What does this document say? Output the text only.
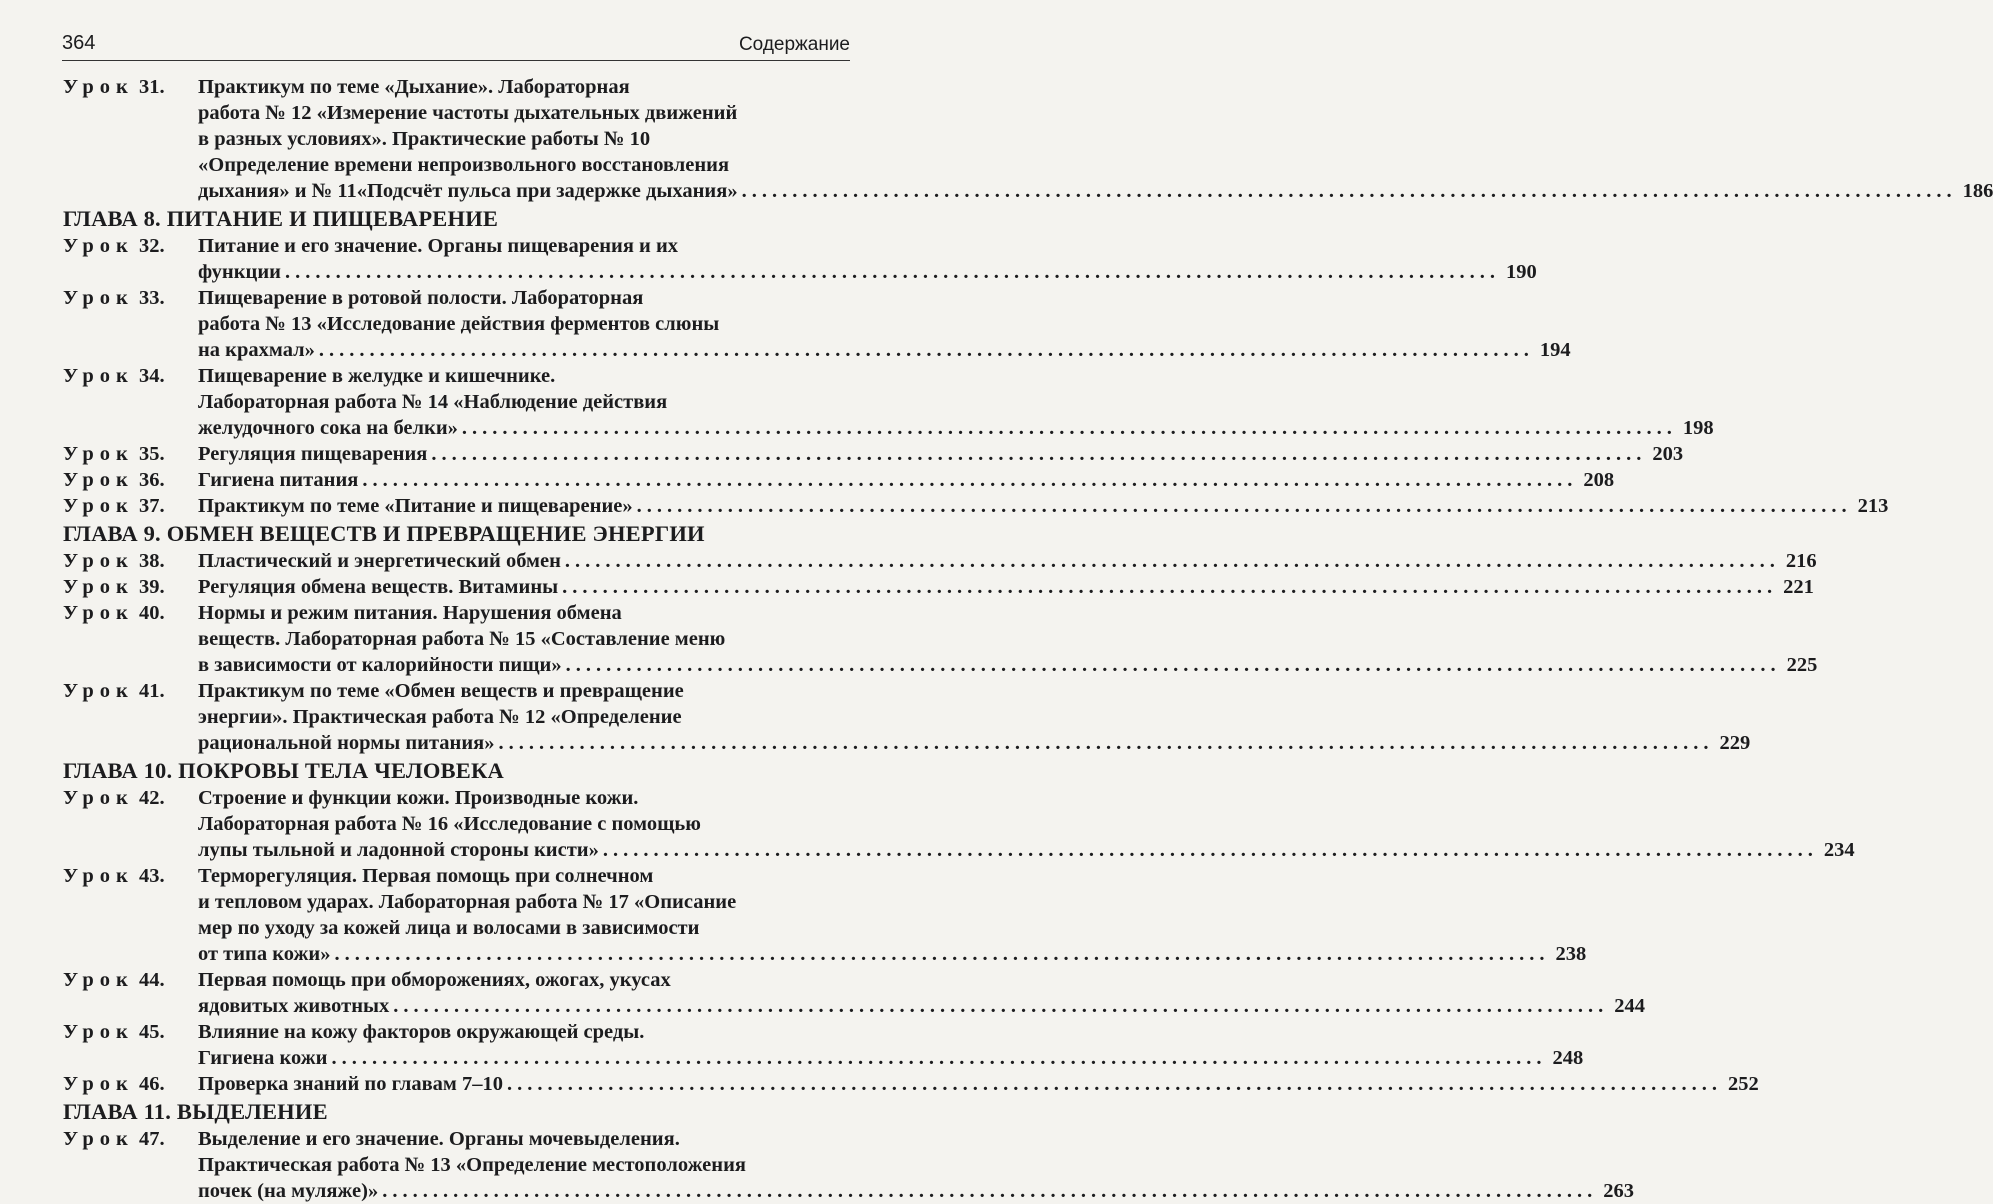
364	Содержание
Урок 31. Практикум по теме «Дыхание». Лабораторная
работа № 12 «Измерение частоты дыхательных движений
в разных условиях». Практические работы № 10
«Определение времени непроизвольного восстановления
дыхания» и № 11«Подсчёт пульса при задержке дыхания» ........................................................................................................................ 186
ГЛАВА 8. ПИТАНИЕ И ПИЩЕВАРЕНИЕ
Урок 32. Питание и его значение. Органы пищеварения и их
функции ........................................................................................................................ 190
Урок 33. Пищеварение в ротовой полости. Лабораторная
работа № 13 «Исследование действия ферментов слюны
на крахмал» ........................................................................................................................ 194
Урок 34. Пищеварение в желудке и кишечнике.
Лабораторная работа № 14 «Наблюдение действия
желудочного сока на белки» ........................................................................................................................ 198
Урок 35. Регуляция пищеварения ........................................................................................................................ 203
Урок 36. Гигиена питания ........................................................................................................................ 208
Урок 37. Практикум по теме «Питание и пищеварение» ........................................................................................................................ 213
ГЛАВА 9. ОБМЕН ВЕЩЕСТВ И ПРЕВРАЩЕНИЕ ЭНЕРГИИ
Урок 38. Пластический и энергетический обмен ........................................................................................................................ 216
Урок 39. Регуляция обмена веществ. Витамины ........................................................................................................................ 221
Урок 40. Нормы и режим питания. Нарушения обмена
веществ. Лабораторная работа № 15 «Составление меню
в зависимости от калорийности пищи» ........................................................................................................................ 225
Урок 41. Практикум по теме «Обмен веществ и превращение
энергии». Практическая работа № 12 «Определение
рациональной нормы питания» ........................................................................................................................ 229
ГЛАВА 10. ПОКРОВЫ ТЕЛА ЧЕЛОВЕКА
Урок 42. Строение и функции кожи. Производные кожи.
Лабораторная работа № 16 «Исследование с помощью
лупы тыльной и ладонной стороны кисти» ........................................................................................................................ 234
Урок 43. Терморегуляция. Первая помощь при солнечном
и тепловом ударах. Лабораторная работа № 17 «Описание
мер по уходу за кожей лица и волосами в зависимости
от типа кожи» ........................................................................................................................ 238
Урок 44. Первая помощь при обморожениях, ожогах, укусах
ядовитых животных ........................................................................................................................ 244
Урок 45. Влияние на кожу факторов окружающей среды.
Гигиена кожи ........................................................................................................................ 248
Урок 46. Проверка знаний по главам 7–10 ........................................................................................................................ 252
ГЛАВА 11. ВЫДЕЛЕНИЕ
Урок 47. Выделение и его значение. Органы мочевыделения.
Практическая работа № 13 «Определение местоположения
почек (на муляже)» ........................................................................................................................ 263
